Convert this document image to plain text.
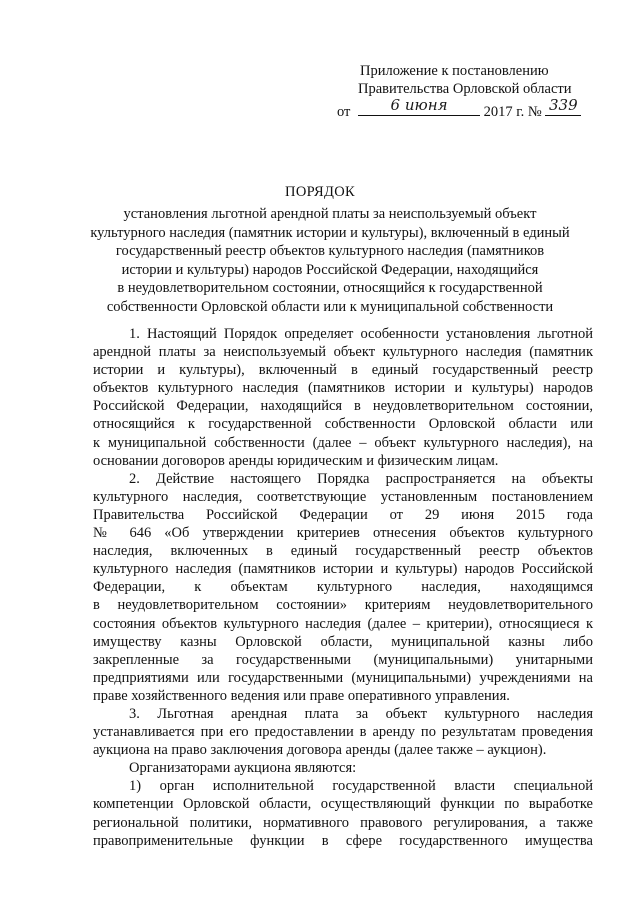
Приложение к постановлению
Правительства Орловской области
от	6 июня	2017 г. № 339
ПОРЯДОК
установления льготной арендной платы за неиспользуемый объект
культурного наследия (памятник истории и культуры), включенный в единый
государственный реестр объектов культурного наследия (памятников
истории и культуры) народов Российской Федерации, находящийся
в неудовлетворительном состоянии, относящийся к государственной
собственности Орловской области или к муниципальной собственности
1. Настоящий Порядок определяет особенности установления льготной
арендной платы за неиспользуемый объект культурного наследия (памятник
истории и культуры), включенный в единый государственный реестр
объектов культурного наследия (памятников истории и культуры) народов
Российской Федерации, находящийся в неудовлетворительном состоянии,
относящийся к государственной собственности Орловской области или
к муниципальной собственности (далее – объект культурного наследия), на
основании договоров аренды юридическим и физическим лицам.
2. Действие настоящего Порядка распространяется на объекты
культурного наследия, соответствующие установленным постановлением
Правительства Российской Федерации от 29 июня 2015 года
№ 646 «Об утверждении критериев отнесения объектов культурного
наследия, включенных в единый государственный реестр объектов
культурного наследия (памятников истории и культуры) народов Российской
Федерации, к объектам культурного наследия, находящимся
в неудовлетворительном состоянии» критериям неудовлетворительного
состояния объектов культурного наследия (далее – критерии), относящиеся к
имуществу казны Орловской области, муниципальной казны либо
закрепленные за государственными (муниципальными) унитарными
предприятиями или государственными (муниципальными) учреждениями на
праве хозяйственного ведения или праве оперативного управления.
3. Льготная арендная плата за объект культурного наследия
устанавливается при его предоставлении в аренду по результатам проведения
аукциона на право заключения договора аренды (далее также – аукцион).
Организаторами аукциона являются:
1) орган исполнительной государственной власти специальной
компетенции Орловской области, осуществляющий функции по выработке
региональной политики, нормативного правового регулирования, а также
правоприменительные функции в сфере государственного имущества
